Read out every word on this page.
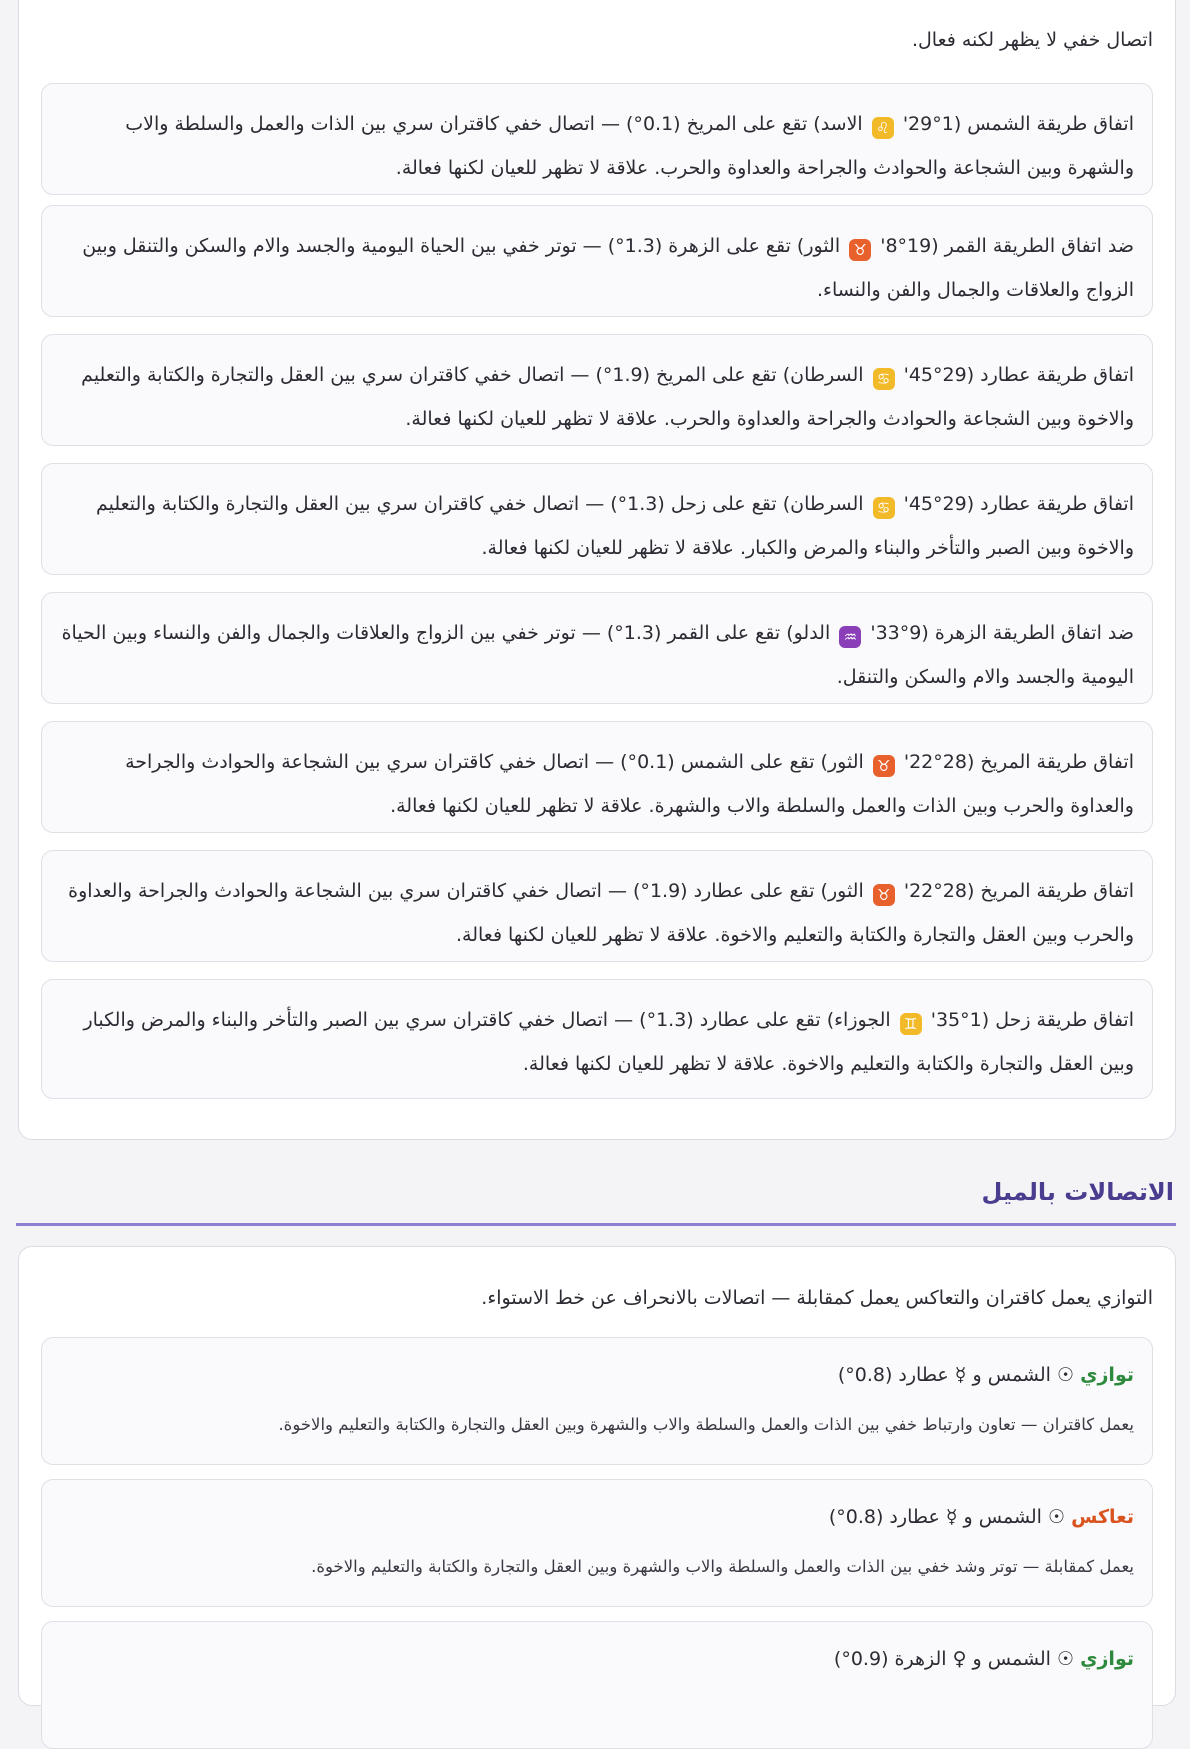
اتصال خفي لا يظهر لكنه فعال.
اتفاق طريقة الشمس (1°29' ♌ الاسد) تقع على المريخ (0.1°) — اتصال خفي كاقتران سري بين الذات والعمل والسلطة والاب والشهرة وبين الشجاعة والحوادث والجراحة والعداوة والحرب. علاقة لا تظهر للعيان لكنها فعالة.
ضد اتفاق الطريقة القمر (19°8' ♉ الثور) تقع على الزهرة (1.3°) — توتر خفي بين الحياة اليومية والجسد والام والسكن والتنقل وبين الزواج والعلاقات والجمال والفن والنساء.
اتفاق طريقة عطارد (29°45' ♋ السرطان) تقع على المريخ (1.9°) — اتصال خفي كاقتران سري بين العقل والتجارة والكتابة والتعليم والاخوة وبين الشجاعة والحوادث والجراحة والعداوة والحرب. علاقة لا تظهر للعيان لكنها فعالة.
اتفاق طريقة عطارد (29°45' ♋ السرطان) تقع على زحل (1.3°) — اتصال خفي كاقتران سري بين العقل والتجارة والكتابة والتعليم والاخوة وبين الصبر والتأخر والبناء والمرض والكبار. علاقة لا تظهر للعيان لكنها فعالة.
ضد اتفاق الطريقة الزهرة (9°33' ♒ الدلو) تقع على القمر (1.3°) — توتر خفي بين الزواج والعلاقات والجمال والفن والنساء وبين الحياة اليومية والجسد والام والسكن والتنقل.
اتفاق طريقة المريخ (28°22' ♉ الثور) تقع على الشمس (0.1°) — اتصال خفي كاقتران سري بين الشجاعة والحوادث والجراحة والعداوة والحرب وبين الذات والعمل والسلطة والاب والشهرة. علاقة لا تظهر للعيان لكنها فعالة.
اتفاق طريقة المريخ (28°22' ♉ الثور) تقع على عطارد (1.9°) — اتصال خفي كاقتران سري بين الشجاعة والحوادث والجراحة والعداوة والحرب وبين العقل والتجارة والكتابة والتعليم والاخوة. علاقة لا تظهر للعيان لكنها فعالة.
اتفاق طريقة زحل (1°35' ♊ الجوزاء) تقع على عطارد (1.3°) — اتصال خفي كاقتران سري بين الصبر والتأخر والبناء والمرض والكبار وبين العقل والتجارة والكتابة والتعليم والاخوة. علاقة لا تظهر للعيان لكنها فعالة.
الاتصالات بالميل
التوازي يعمل كاقتران والتعاكس يعمل كمقابلة — اتصالات بالانحراف عن خط الاستواء.
توازي ☉ الشمس و ☿ عطارد (0.8°)
يعمل كاقتران — تعاون وارتباط خفي بين الذات والعمل والسلطة والاب والشهرة وبين العقل والتجارة والكتابة والتعليم والاخوة.
تعاكس ☉ الشمس و ☿ عطارد (0.8°)
يعمل كمقابلة — توتر وشد خفي بين الذات والعمل والسلطة والاب والشهرة وبين العقل والتجارة والكتابة والتعليم والاخوة.
توازي ☉ الشمس و ♀ الزهرة (0.9°)
